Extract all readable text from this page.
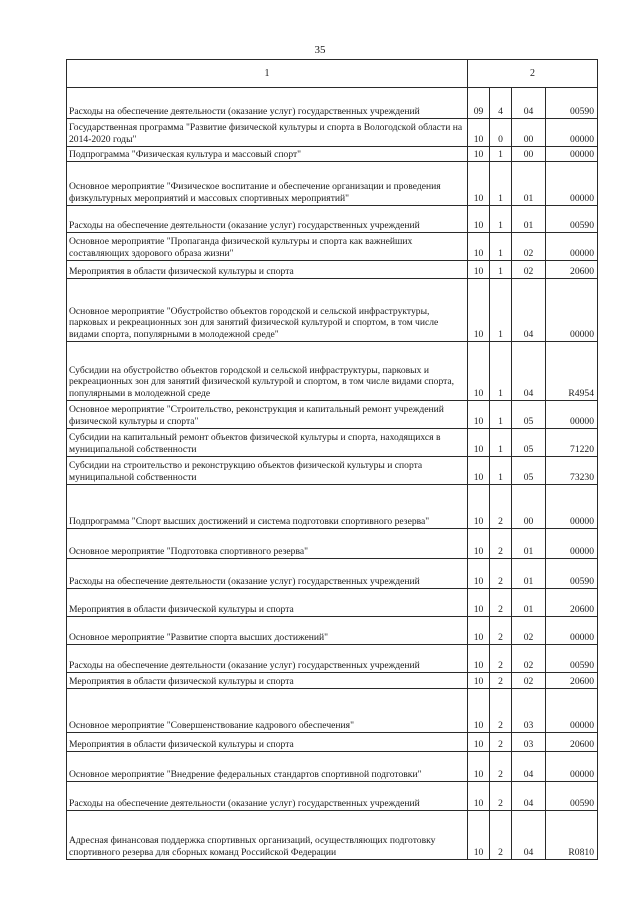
35
1	2			
Расходы на обеспечение деятельности (оказание услуг) государственных учреждений	09	4	04	00590
Государственная программа "Развитие физической культуры и спорта в Вологодской области на 2014-2020 годы"	10	0	00	00000
Подпрограмма "Физическая культура и массовый спорт"	10	1	00	00000
Основное мероприятие "Физическое воспитание и обеспечение организации и проведения физкультурных мероприятий и массовых спортивных мероприятий"	10	1	01	00000
Расходы на обеспечение деятельности (оказание услуг) государственных учреждений	10	1	01	00590
Основное мероприятие "Пропаганда физической культуры и спорта как важнейших составляющих здорового образа жизни"	10	1	02	00000
Мероприятия в области физической культуры и спорта	10	1	02	20600
Основное мероприятие "Обустройство объектов городской и сельской инфраструктуры, парковых и рекреационных зон для занятий физической культурой и спортом, в том числе видами спорта, популярными в молодежной среде"	10	1	04	00000
Субсидии на обустройство объектов городской и сельской инфраструктуры, парковых и рекреационных зон для занятий физической культурой и спортом, в том числе видами спорта, популярными в молодежной среде	10	1	04	R4954
Основное мероприятие "Строительство, реконструкция и капитальный ремонт учреждений физической культуры и спорта"	10	1	05	00000
Субсидии на капитальный ремонт объектов физической культуры и спорта, находящихся в муниципальной собственности	10	1	05	71220
Субсидии на строительство и реконструкцию объектов физической культуры и спорта муниципальной собственности	10	1	05	73230
Подпрограмма "Спорт высших достижений и система подготовки спортивного резерва"	10	2	00	00000
Основное мероприятие "Подготовка спортивного резерва"	10	2	01	00000
Расходы на обеспечение деятельности (оказание услуг) государственных учреждений	10	2	01	00590
Мероприятия в области физической культуры и спорта	10	2	01	20600
Основное мероприятие "Развитие спорта высших достижений"	10	2	02	00000
Расходы на обеспечение деятельности (оказание услуг) государственных учреждений	10	2	02	00590
Мероприятия в области физической культуры и спорта	10	2	02	20600
Основное мероприятие "Совершенствование кадрового обеспечения"	10	2	03	00000
Мероприятия в области физической культуры и спорта	10	2	03	20600
Основное мероприятие "Внедрение федеральных стандартов спортивной подготовки"	10	2	04	00000
Расходы на обеспечение деятельности (оказание услуг) государственных учреждений	10	2	04	00590
Адресная финансовая поддержка спортивных организаций, осуществляющих подготовку спортивного резерва для сборных команд Российской Федерации	10	2	04	R0810
